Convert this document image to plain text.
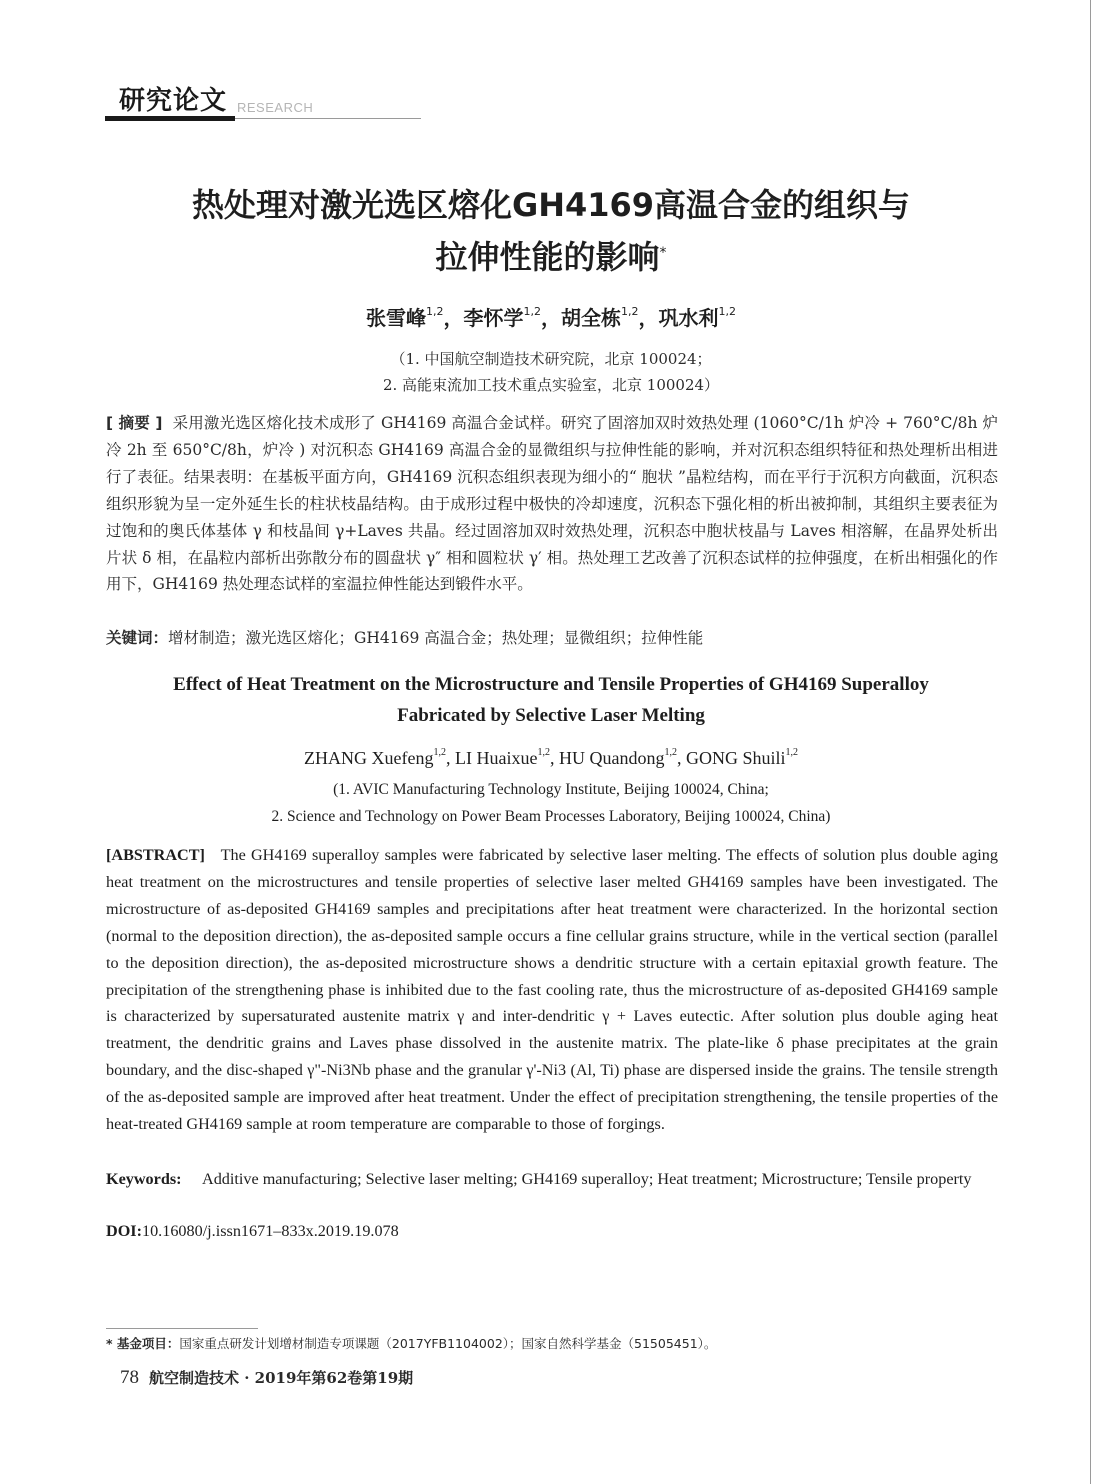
研究论文 RESEARCH
热处理对激光选区熔化GH4169高温合金的组织与
拉伸性能的影响*
张雪峰$^{1,2}$，李怀学$^{1,2}$，胡全栋$^{1,2}$，巩水利$^{1,2}$
（1. 中国航空制造技术研究院，北京 100024；
2. 高能束流加工技术重点实验室，北京 100024）
[ 摘要 ] 采用激光选区熔化技术成形了 GH4169 高温合金试样。研究了固溶加双时效热处理 (1060°C/1h 炉冷 + 760°C/8h 炉冷 2h 至 650°C/8h，炉冷 ) 对沉积态 GH4169 高温合金的显微组织与拉伸性能的影响，并对沉积态组织特征和热处理析出相进行了表征。结果表明：在基板平面方向，GH4169 沉积态组织表现为细小的“ 胞状 ”晶粒结构，而在平行于沉积方向截面，沉积态组织形貌为呈一定外延生长的柱状枝晶结构。由于成形过程中极快的冷却速度，沉积态下强化相的析出被抑制，其组织主要表征为过饱和的奥氏体基体 γ 和枝晶间 γ+Laves 共晶。经过固溶加双时效热处理，沉积态中胞状枝晶与 Laves 相溶解，在晶界处析出片状 δ 相，在晶粒内部析出弥散分布的圆盘状 γ″ 相和圆粒状 γ′ 相。热处理工艺改善了沉积态试样的拉伸强度，在析出相强化的作用下，GH4169 热处理态试样的室温拉伸性能达到锻件水平。
关键词：增材制造；激光选区熔化；GH4169 高温合金；热处理；显微组织；拉伸性能
Effect of Heat Treatment on the Microstructure and Tensile Properties of GH4169 Superalloy
Fabricated by Selective Laser Melting
ZHANG Xuefeng$^{1,2}$, LI Huaixue$^{1,2}$, HU Quandong$^{1,2}$, GONG Shuili$^{1,2}$
(1. AVIC Manufacturing Technology Institute, Beijing 100024, China;
2. Science and Technology on Power Beam Processes Laboratory, Beijing 100024, China)
[ABSTRACT] The GH4169 superalloy samples were fabricated by selective laser melting. The effects of solution plus double aging heat treatment on the microstructures and tensile properties of selective laser melted GH4169 samples have been investigated. The microstructure of as-deposited GH4169 samples and precipitations after heat treatment were characterized. In the horizontal section (normal to the deposition direction), the as-deposited sample occurs a fine cellular grains structure, while in the vertical section (parallel to the deposition direction), the as-deposited microstructure shows a dendritic structure with a certain epitaxial growth feature. The precipitation of the strengthening phase is inhibited due to the fast cooling rate, thus the microstructure of as-deposited GH4169 sample is characterized by supersaturated austenite matrix γ and inter-dendritic γ + Laves eutectic. After solution plus double aging heat treatment, the dendritic grains and Laves phase dissolved in the austenite matrix. The plate-like δ phase precipitates at the grain boundary, and the disc-shaped γ"-Ni3Nb phase and the granular γ'-Ni3 (Al, Ti) phase are dispersed inside the grains. The tensile strength of the as-deposited sample are improved after heat treatment. Under the effect of precipitation strengthening, the tensile properties of the heat-treated GH4169 sample at room temperature are comparable to those of forgings.
Keywords: Additive manufacturing; Selective laser melting; GH4169 superalloy; Heat treatment; Microstructure; Tensile property
DOI:10.16080/j.issn1671–833x.2019.19.078
* 基金项目：国家重点研发计划增材制造专项课题（2017YFB1104002）；国家自然科学基金（51505451）。
78 航空制造技术 · 2019年第62卷第19期
